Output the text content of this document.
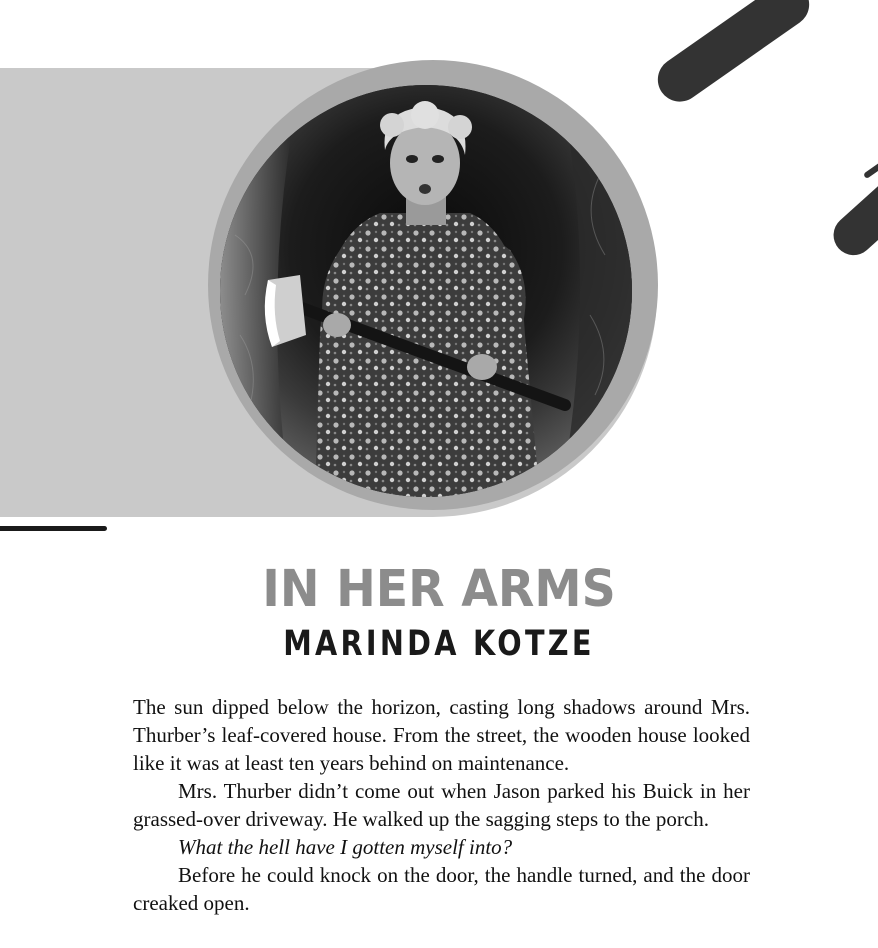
IN HER ARMS
MARINDA KOTZE

The sun dipped below the horizon, casting long shadows around Mrs. Thurber’s leaf-covered house. From the street, the wooden house looked like it was at least ten years behind on maintenance.

Mrs. Thurber didn’t come out when Jason parked his Buick in her grassed-over driveway. He walked up the sagging steps to the porch.

What the hell have I gotten myself into?

Before he could knock on the door, the handle turned, and the door creaked open.
